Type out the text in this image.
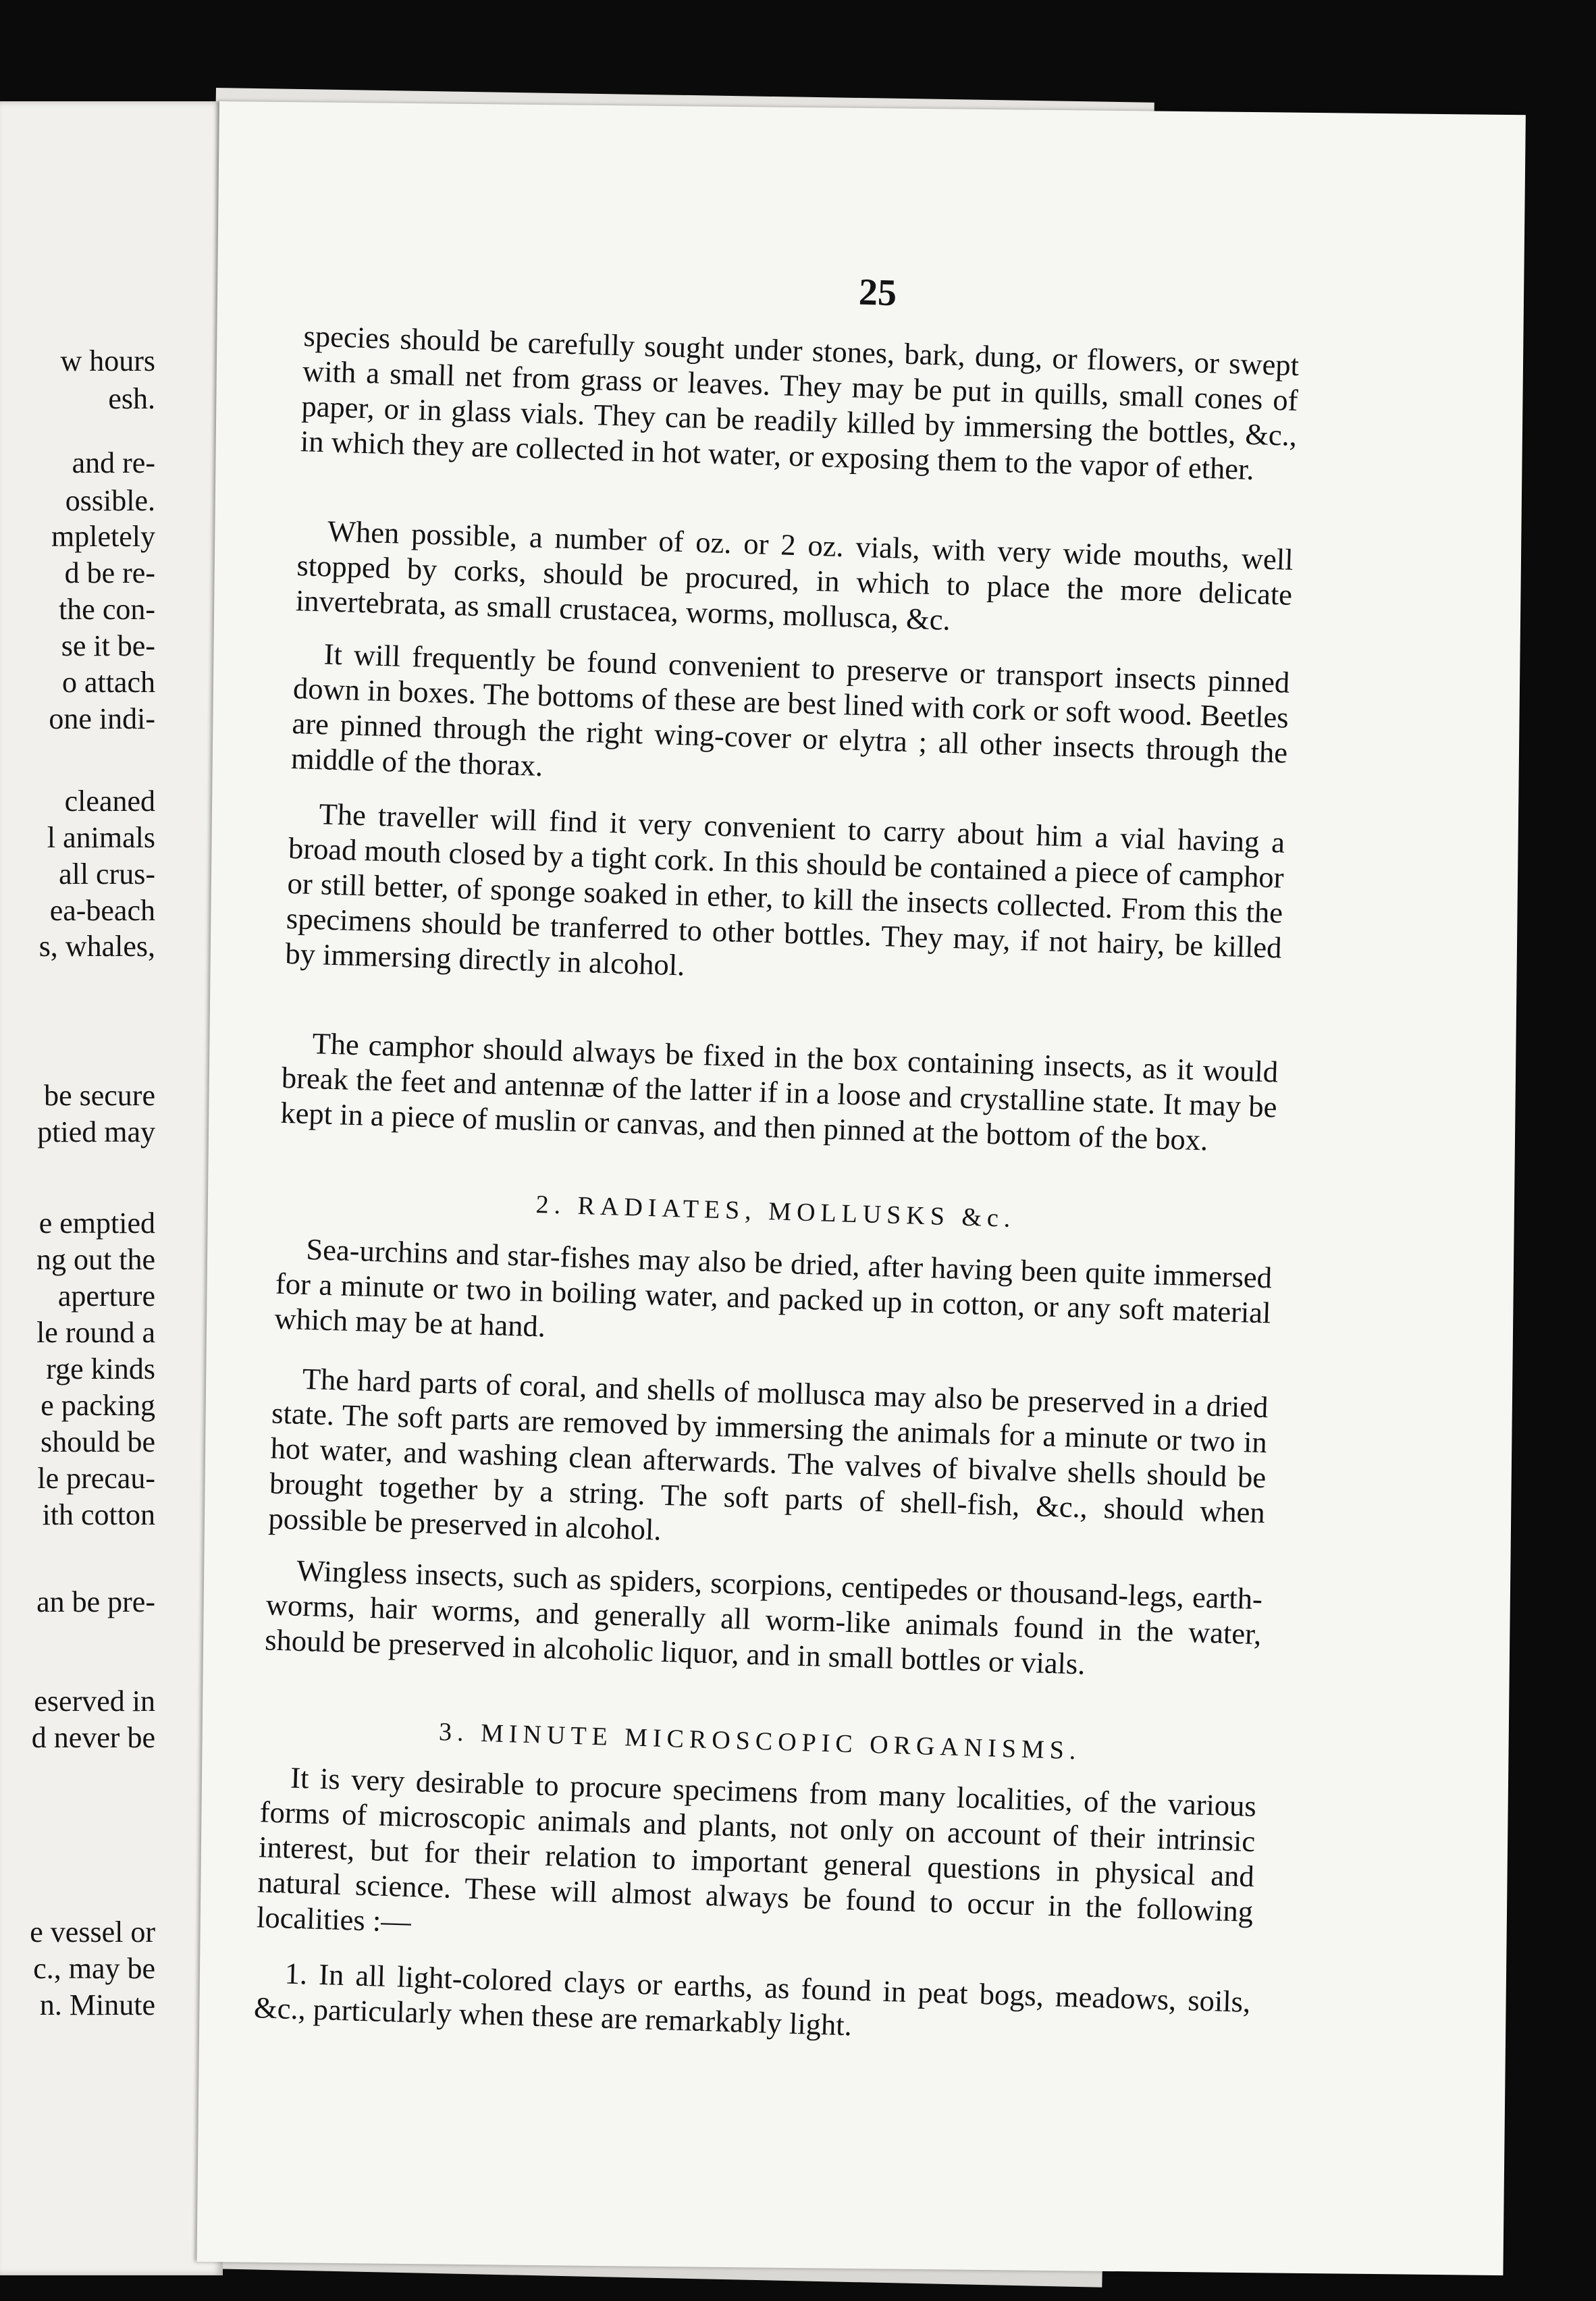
w hours
esh.
and re-
ossible.
mpletely
d be re-
the con-
se it be-
o attach
one indi-
cleaned
l animals
all crus-
ea-beach
s, whales,
be secure
ptied may
e emptied
ng out the
aperture
le round a
rge kinds
e packing
should be
le precau-
ith cotton
an be pre-
eserved in
d never be
e vessel or
c., may be
n. Minute
25
species should be carefully sought under stones, bark, dung, or flowers, or swept with a small net from grass or leaves. They may be put in quills, small cones of paper, or in glass vials. They can be readily killed by immersing the bottles, &c., in which they are collected in hot water, or exposing them to the vapor of ether.
When possible, a number of oz. or 2 oz. vials, with very wide mouths, well stopped by corks, should be procured, in which to place the more delicate invertebrata, as small crustacea, worms, mollusca, &c.
It will frequently be found convenient to preserve or transport insects pinned down in boxes. The bottoms of these are best lined with cork or soft wood. Beetles are pinned through the right wing-cover or elytra ; all other insects through the middle of the thorax.
The traveller will find it very convenient to carry about him a vial having a broad mouth closed by a tight cork. In this should be contained a piece of camphor or still better, of sponge soaked in ether, to kill the insects collected. From this the specimens should be tranferred to other bottles. They may, if not hairy, be killed by immersing directly in alcohol.
The camphor should always be fixed in the box containing insects, as it would break the feet and antennæ of the latter if in a loose and crystalline state. It may be kept in a piece of muslin or canvas, and then pinned at the bottom of the box.
2. RADIATES, MOLLUSKS &c.
Sea-urchins and star-fishes may also be dried, after having been quite immersed for a minute or two in boiling water, and packed up in cotton, or any soft material which may be at hand.
The hard parts of coral, and shells of mollusca may also be preserved in a dried state. The soft parts are removed by immersing the animals for a minute or two in hot water, and washing clean afterwards. The valves of bivalve shells should be brought together by a string. The soft parts of shell-fish, &c., should when possible be preserved in alcohol.
Wingless insects, such as spiders, scorpions, centipedes or thousand-legs, earth-worms, hair worms, and generally all worm-like animals found in the water, should be preserved in alcoholic liquor, and in small bottles or vials.
3. MINUTE MICROSCOPIC ORGANISMS.
It is very desirable to procure specimens from many localities, of the various forms of microscopic animals and plants, not only on account of their intrinsic interest, but for their relation to important general questions in physical and natural science. These will almost always be found to occur in the following localities :—
1. In all light-colored clays or earths, as found in peat bogs, meadows, soils, &c., particularly when these are remarkably light.
